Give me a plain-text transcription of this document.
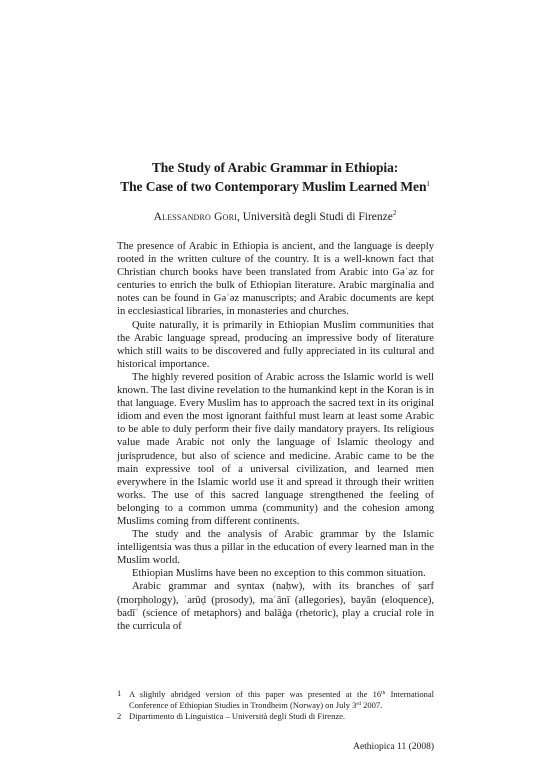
The Study of Arabic Grammar in Ethiopia:
The Case of two Contemporary Muslim Learned Men$^1$
Alessandro Gori, Università degli Studi di Firenze$^2$

The presence of Arabic in Ethiopia is ancient, and the language is deeply rooted in the written culture of the country. It is a well-known fact that Christian church books have been translated from Arabic into Gəʿəz for centuries to enrich the bulk of Ethiopian literature. Arabic marginalia and notes can be found in Gəʿəz manuscripts; and Arabic documents are kept in ecclesiastical libraries, in monasteries and churches.

Quite naturally, it is primarily in Ethiopian Muslim communities that the Arabic language spread, producing an impressive body of literature which still waits to be discovered and fully appreciated in its cultural and historical importance.

The highly revered position of Arabic across the Islamic world is well known. The last divine revelation to the humankind kept in the Koran is in that language. Every Muslim has to approach the sacred text in its original idiom and even the most ignorant faithful must learn at least some Arabic to be able to duly perform their five daily mandatory prayers. Its religious value made Arabic not only the language of Islamic theology and jurisprudence, but also of science and medicine. Arabic came to be the main expressive tool of a universal civilization, and learned men everywhere in the Islamic world use it and spread it through their written works. The use of this sacred language strengthened the feeling of belonging to a common umma (community) and the cohesion among Muslims coming from different continents.

The study and the analysis of Arabic grammar by the Islamic intelligentsia was thus a pillar in the education of every learned man in the Muslim world.

Ethiopian Muslims have been no exception to this common situation.

Arabic grammar and syntax (naḥw), with its branches of ṣarf (morphology), ʿarūḍ (prosody), maʿānī (allegories), bayān (eloquence), badīʿ (science of metaphors) and balāġa (rhetoric), play a crucial role in the curricula of

1 A slightly abridged version of this paper was presented at the 16th International Conference of Ethiopian Studies in Trondheim (Norway) on July 3rd 2007.
2 Dipartimento di Linguistica – Università degli Studi di Firenze.
Aethiopica 11 (2008)
